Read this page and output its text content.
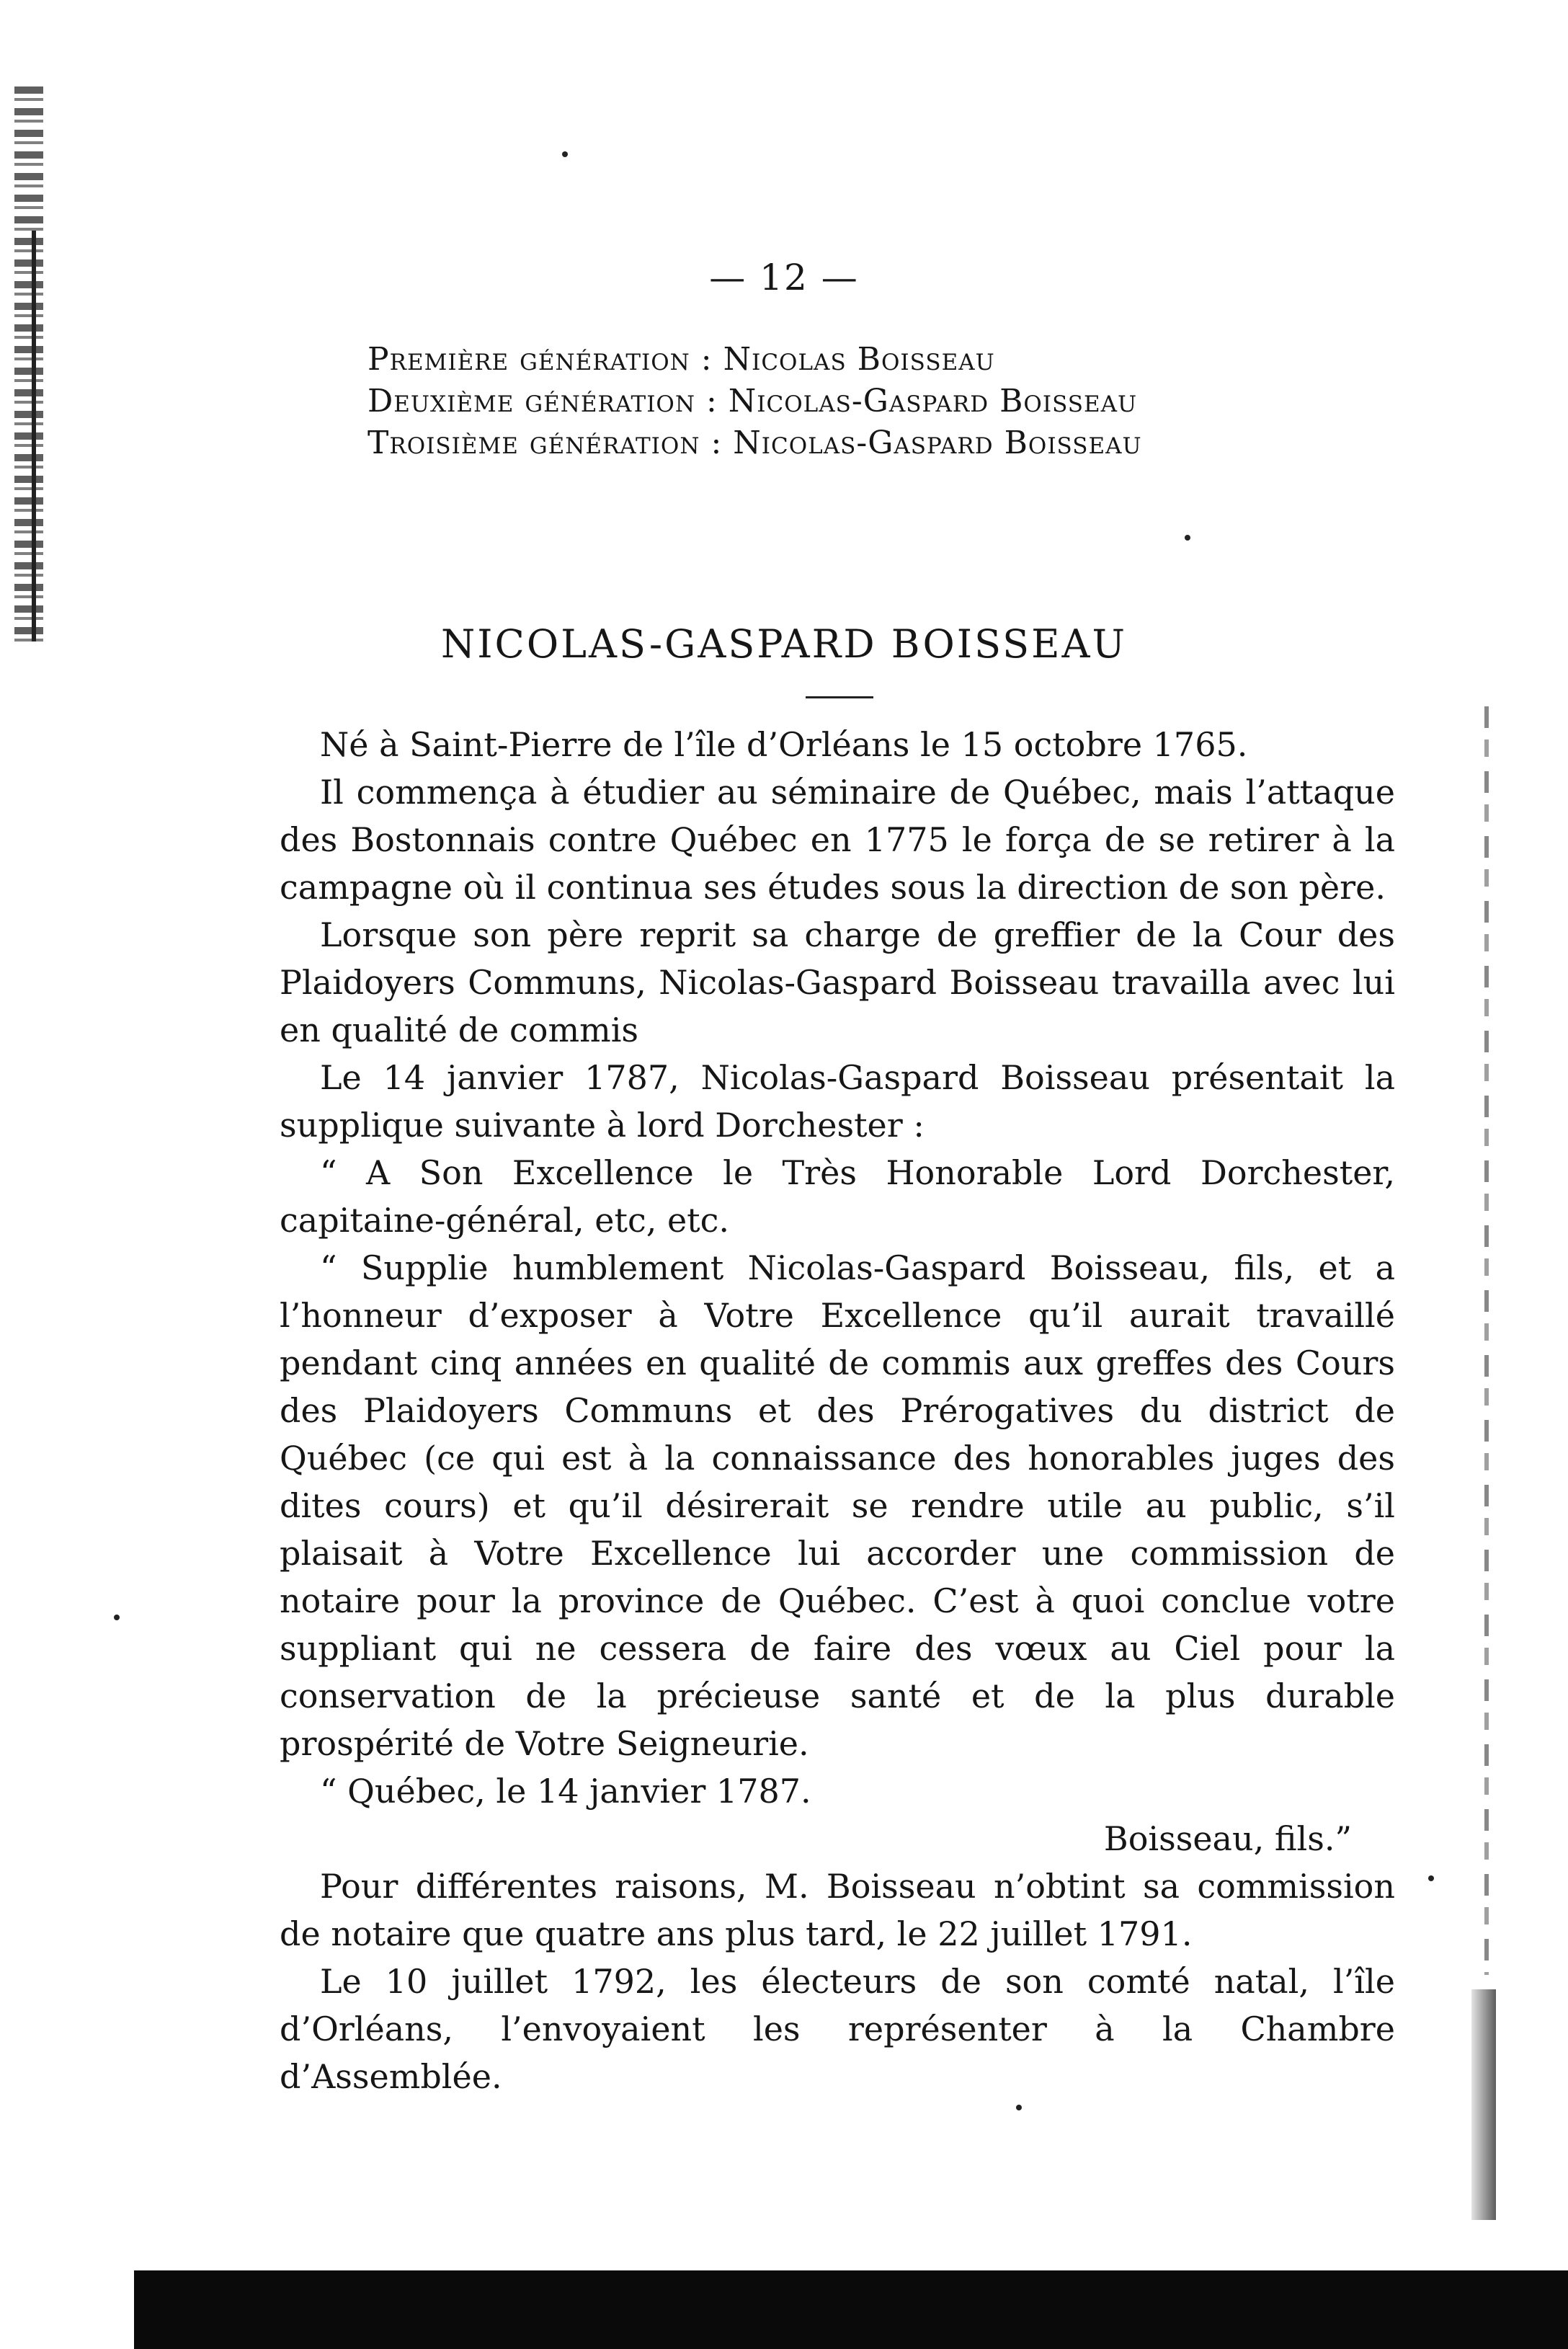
— 12 —
Première génération : Nicolas Boisseau
Deuxième génération : Nicolas-Gaspard Boisseau
Troisième génération : Nicolas-Gaspard Boisseau
NICOLAS-GASPARD BOISSEAU

Né à Saint-Pierre de l’île d’Orléans le 15 octobre 1765.

Il commença à étudier au séminaire de Québec, mais l’attaque des Bostonnais contre Québec en 1775 le força de se retirer à la campagne où il continua ses études sous la direction de son père.

Lorsque son père reprit sa charge de greffier de la Cour des Plaidoyers Communs, Nicolas-Gaspard Boisseau travailla avec lui en qualité de commis

Le 14 janvier 1787, Nicolas-Gaspard Boisseau présentait la supplique suivante à lord Dorchester :

“ A Son Excellence le Très Honorable Lord Dorchester, capitaine-général, etc, etc.

“ Supplie humblement Nicolas-Gaspard Boisseau, fils, et a l’honneur d’exposer à Votre Excellence qu’il aurait travaillé pendant cinq années en qualité de commis aux greffes des Cours des Plaidoyers Communs et des Prérogatives du district de Québec (ce qui est à la connaissance des honorables juges des dites cours) et qu’il désirerait se rendre utile au public, s’il plaisait à Votre Excellence lui accorder une commission de notaire pour la province de Québec. C’est à quoi conclue votre suppliant qui ne cessera de faire des vœux au Ciel pour la conservation de la précieuse santé et de la plus durable prospérité de Votre Seigneurie.

“ Québec, le 14 janvier 1787.

Boisseau, fils.”

Pour différentes raisons, M. Boisseau n’obtint sa commission de notaire que quatre ans plus tard, le 22 juillet 1791.

Le 10 juillet 1792, les électeurs de son comté natal, l’île d’Orléans, l’envoyaient les représenter à la Chambre d’Assemblée.
